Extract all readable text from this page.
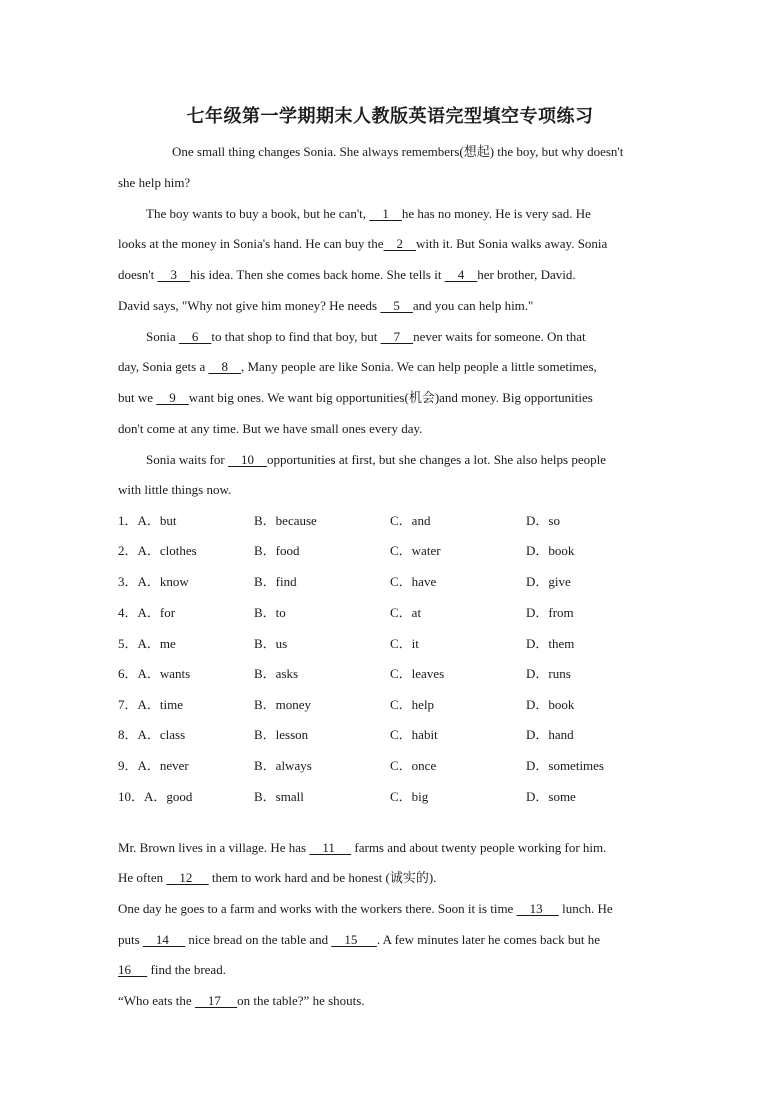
七年级第一学期期末人教版英语完型填空专项练习
One small thing changes Sonia. She always remembers(想起) the boy, but why doesn't
she help him?
The boy wants to buy a book, but he can't,     1    he has no money. He is very sad. He
looks at the money in Sonia's hand. He can buy the    2    with it. But Sonia walks away. Sonia
doesn't     3    his idea. Then she comes back home. She tells it     4    her brother, David.
David says, "Why not give him money? He needs     5    and you can help him."
Sonia     6    to that shop to find that boy, but     7    never waits for someone. On that
day, Sonia gets a     8    , Many people are like Sonia. We can help people a little sometimes,
but we     9    want big ones. We want big opportunities(机会)and money. Big opportunities
don't come at any time. But we have small ones every day.
Sonia waits for     10    opportunities at first, but she changes a lot. She also helps people
with little things now.
1．A．but	B．because	C．and	D．so
2．A．clothes	B．food	C．water	D．book
3．A．know	B．find	C．have	D．give
4．A．for	B．to	C．at	D．from
5．A．me	B．us	C．it	D．them
6．A．wants	B．asks	C．leaves	D．runs
7．A．time	B．money	C．help	D．book
8．A．class	B．lesson	C．habit	D．hand
9．A．never	B．always	C．once	D．sometimes
10．A．good	B．small	C．big	D．some
Mr. Brown lives in a village. He has     11      farms and about twenty people working for him.
He often     12      them to work hard and be honest (诚实的).
One day he goes to a farm and works with the workers there. Soon it is time     13      lunch. He
puts     14      nice bread on the table and     15      . A few minutes later he comes back but he
16      find the bread.
“Who eats the     17     on the table?” he shouts.
